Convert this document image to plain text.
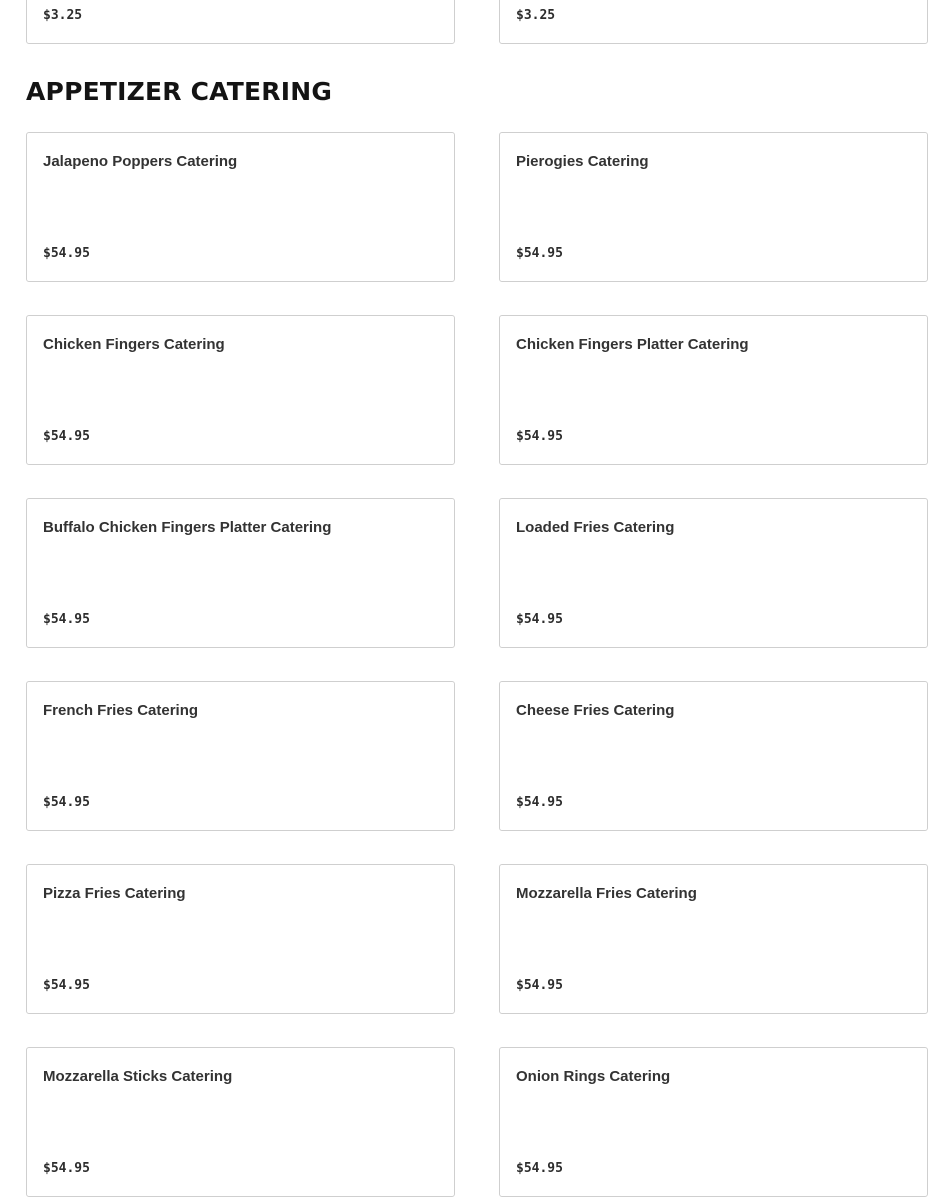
$3.25	$3.25
APPETIZER CATERING
Jalapeno Poppers Catering
$54.95
Pierogies Catering
$54.95
Chicken Fingers Catering
$54.95
Chicken Fingers Platter Catering
$54.95
Buffalo Chicken Fingers Platter Catering
$54.95
Loaded Fries Catering
$54.95
French Fries Catering
$54.95
Cheese Fries Catering
$54.95
Pizza Fries Catering
$54.95
Mozzarella Fries Catering
$54.95
Mozzarella Sticks Catering
$54.95
Onion Rings Catering
$54.95
